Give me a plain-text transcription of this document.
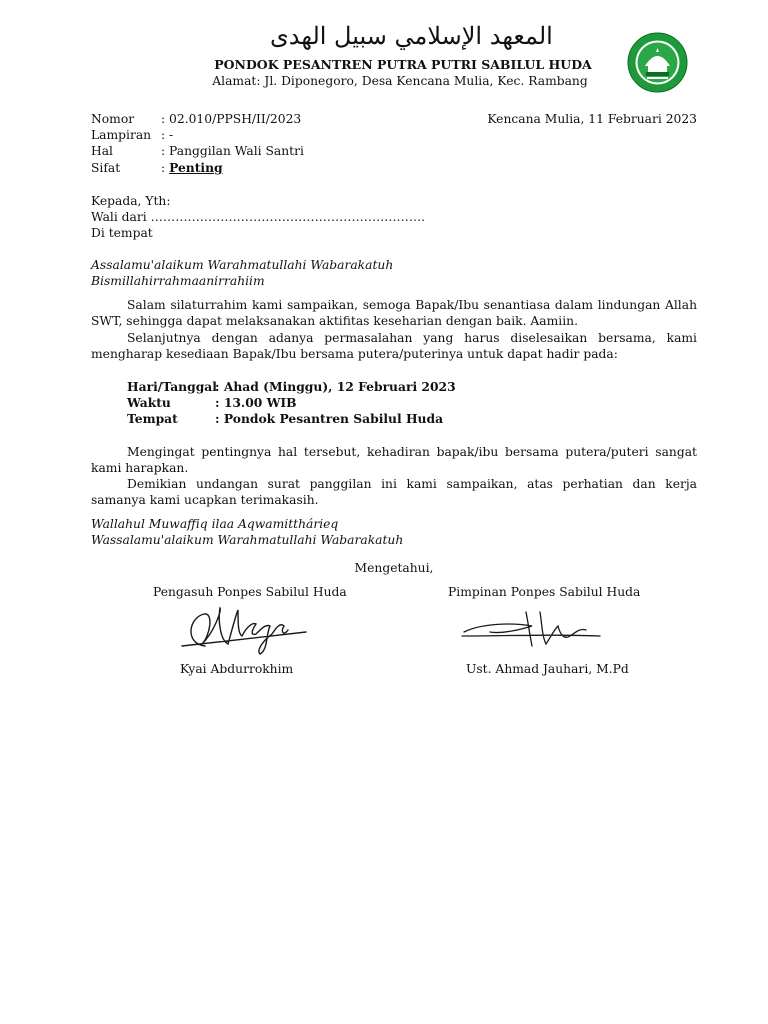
المعهد الإسلامي سبيل الهدى
PONDOK PESANTREN PUTRA PUTRI SABILUL HUDA
Alamat: Jl. Diponegoro, Desa Kencana Mulia, Kec. Rambang
Nomor : 02.010/PPSH/II/2023	Kencana Mulia, 11 Februari 2023
Lampiran : -
Hal	: Panggilan Wali Santri
Sifat	: Penting
Kepada, Yth:
Wali dari ………………………………………………………….
Di tempat
Assalamu'alaikum Warahmatullahi Wabarakatuh
Bismillahirrahmaanirrahiim
Salam silaturrahim kami sampaikan, semoga Bapak/Ibu senantiasa dalam lindungan Allah SWT, sehingga dapat melaksanakan aktifitas keseharian dengan baik. Aamiin.
Selanjutnya dengan adanya permasalahan yang harus diselesaikan bersama, kami mengharap kesediaan Bapak/Ibu bersama putera/puterinya untuk dapat hadir pada:
Hari/Tanggal
: Ahad (Minggu), 12 Februari 2023
Waktu	: 13.00 WIB
Tempat	: Pondok Pesantren Sabilul Huda
Mengingat pentingnya hal tersebut, kehadiran bapak/ibu bersama putera/puteri sangat kami harapkan.
Demikian undangan surat panggilan ini kami sampaikan, atas perhatian dan kerja samanya kami ucapkan terimakasih.
Wallahul Muwaffiq ilaa Aqwamitthárieq
Wassalamu'alaikum Warahmatullahi Wabarakatuh
Mengetahui,
Pengasuh Ponpes Sabilul Huda	Pimpinan Ponpes Sabilul Huda
Kyai Abdurrokhim	Ust. Ahmad Jauhari, M.Pd
